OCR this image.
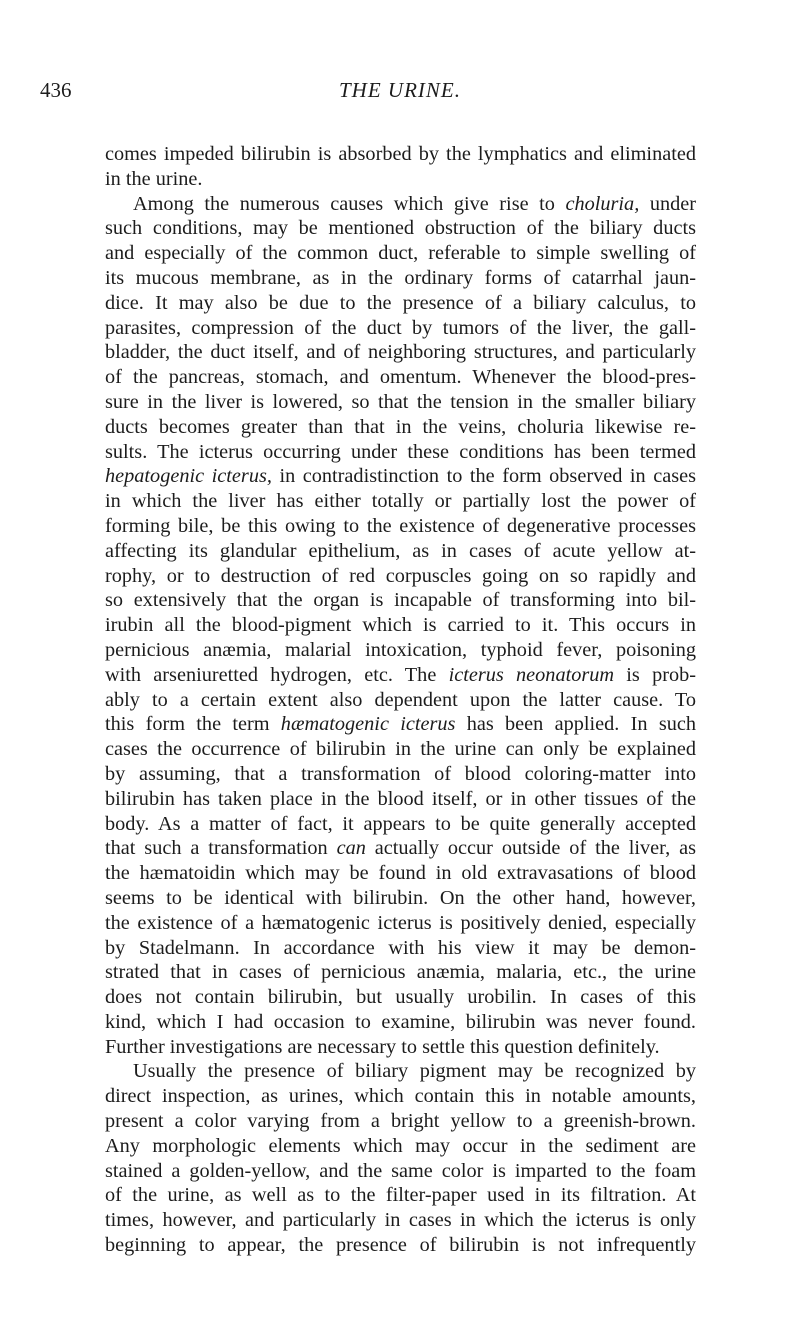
436	THE URINE.
comes impeded bilirubin is absorbed by the lymphatics and eliminated
in the urine.
Among the numerous causes which give rise to choluria, under
such conditions, may be mentioned obstruction of the biliary ducts
and especially of the common duct, referable to simple swelling of
its mucous membrane, as in the ordinary forms of catarrhal jaun-
dice. It may also be due to the presence of a biliary calculus, to
parasites, compression of the duct by tumors of the liver, the gall-
bladder, the duct itself, and of neighboring structures, and particularly
of the pancreas, stomach, and omentum. Whenever the blood-pres-
sure in the liver is lowered, so that the tension in the smaller biliary
ducts becomes greater than that in the veins, choluria likewise re-
sults. The icterus occurring under these conditions has been termed
hepatogenic icterus, in contradistinction to the form observed in cases
in which the liver has either totally or partially lost the power of
forming bile, be this owing to the existence of degenerative processes
affecting its glandular epithelium, as in cases of acute yellow at-
rophy, or to destruction of red corpuscles going on so rapidly and
so extensively that the organ is incapable of transforming into bil-
irubin all the blood-pigment which is carried to it. This occurs in
pernicious anæmia, malarial intoxication, typhoid fever, poisoning
with arseniuretted hydrogen, etc. The icterus neonatorum is prob-
ably to a certain extent also dependent upon the latter cause. To
this form the term hæmatogenic icterus has been applied. In such
cases the occurrence of bilirubin in the urine can only be explained
by assuming, that a transformation of blood coloring-matter into
bilirubin has taken place in the blood itself, or in other tissues of the
body. As a matter of fact, it appears to be quite generally accepted
that such a transformation can actually occur outside of the liver, as
the hæmatoidin which may be found in old extravasations of blood
seems to be identical with bilirubin. On the other hand, however,
the existence of a hæmatogenic icterus is positively denied, especially
by Stadelmann. In accordance with his view it may be demon-
strated that in cases of pernicious anæmia, malaria, etc., the urine
does not contain bilirubin, but usually urobilin. In cases of this
kind, which I had occasion to examine, bilirubin was never found.
Further investigations are necessary to settle this question definitely.
Usually the presence of biliary pigment may be recognized by
direct inspection, as urines, which contain this in notable amounts,
present a color varying from a bright yellow to a greenish-brown.
Any morphologic elements which may occur in the sediment are
stained a golden-yellow, and the same color is imparted to the foam
of the urine, as well as to the filter-paper used in its filtration. At
times, however, and particularly in cases in which the icterus is only
beginning to appear, the presence of bilirubin is not infrequently
